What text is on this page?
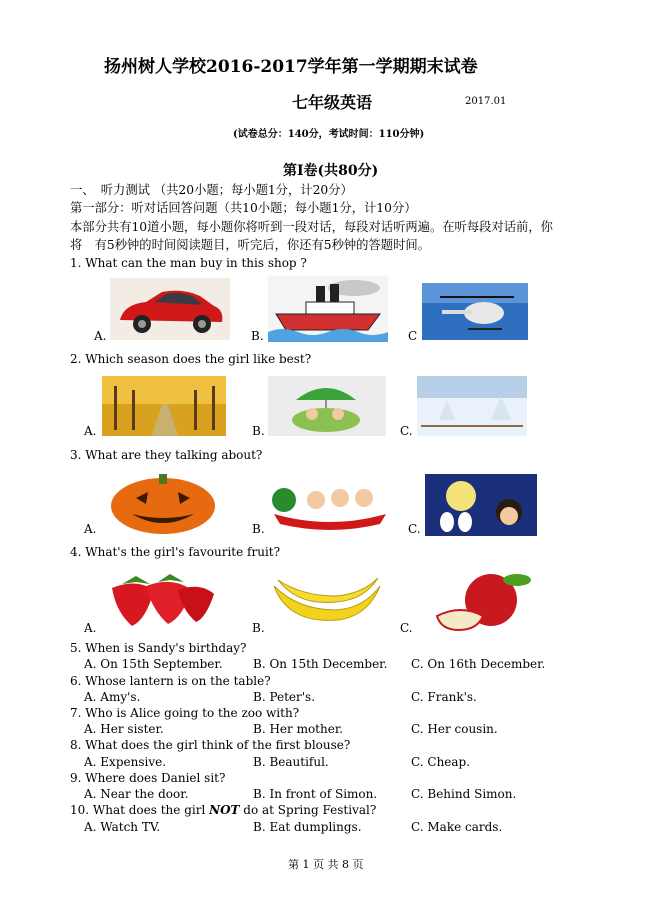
扬州树人学校2016-2017学年第一学期期末试卷
七年级英语	2017.01
(试卷总分：140分，考试时间：110分钟)
第Ⅰ卷(共80分)
一、　听力测试 （共20小题；每小题1分，计20分）
第一部分：听对话回答问题（共10小题；每小题1分，计10分）
本部分共有10道小题，每小题你将听到一段对话，每段对话听两遍。在听每段对话前，你
将　有5秒钟的时间阅读题目，听完后，你还有5秒钟的答题时间。
1. What can the man buy in this shop ?
A.	B.	C
2. Which season does the girl like best?
A.	B.	C.
3. What are they talking about?
A.	B.	C.
4. What's the girl's favourite fruit?
A.	B.	C.
5. When is Sandy's birthday?
A. On 15th September.	B. On 15th December. C. On 16th December.
6. Whose lantern is on the table?
A. Amy's.	B. Peter's.	C. Frank's.
7. Who is Alice going to the zoo with?
A. Her sister.	B. Her mother.	C. Her cousin.
8. What does the girl think of the first blouse?
A. Expensive.	B. Beautiful.	C. Cheap.
9. Where does Daniel sit?
A. Near the door.	B. In front of Simon.	C. Behind Simon.
10. What does the girl NOT do at Spring Festival?
A. Watch TV.	B. Eat dumplings.	C. Make cards.
第 1 页 共 8 页
